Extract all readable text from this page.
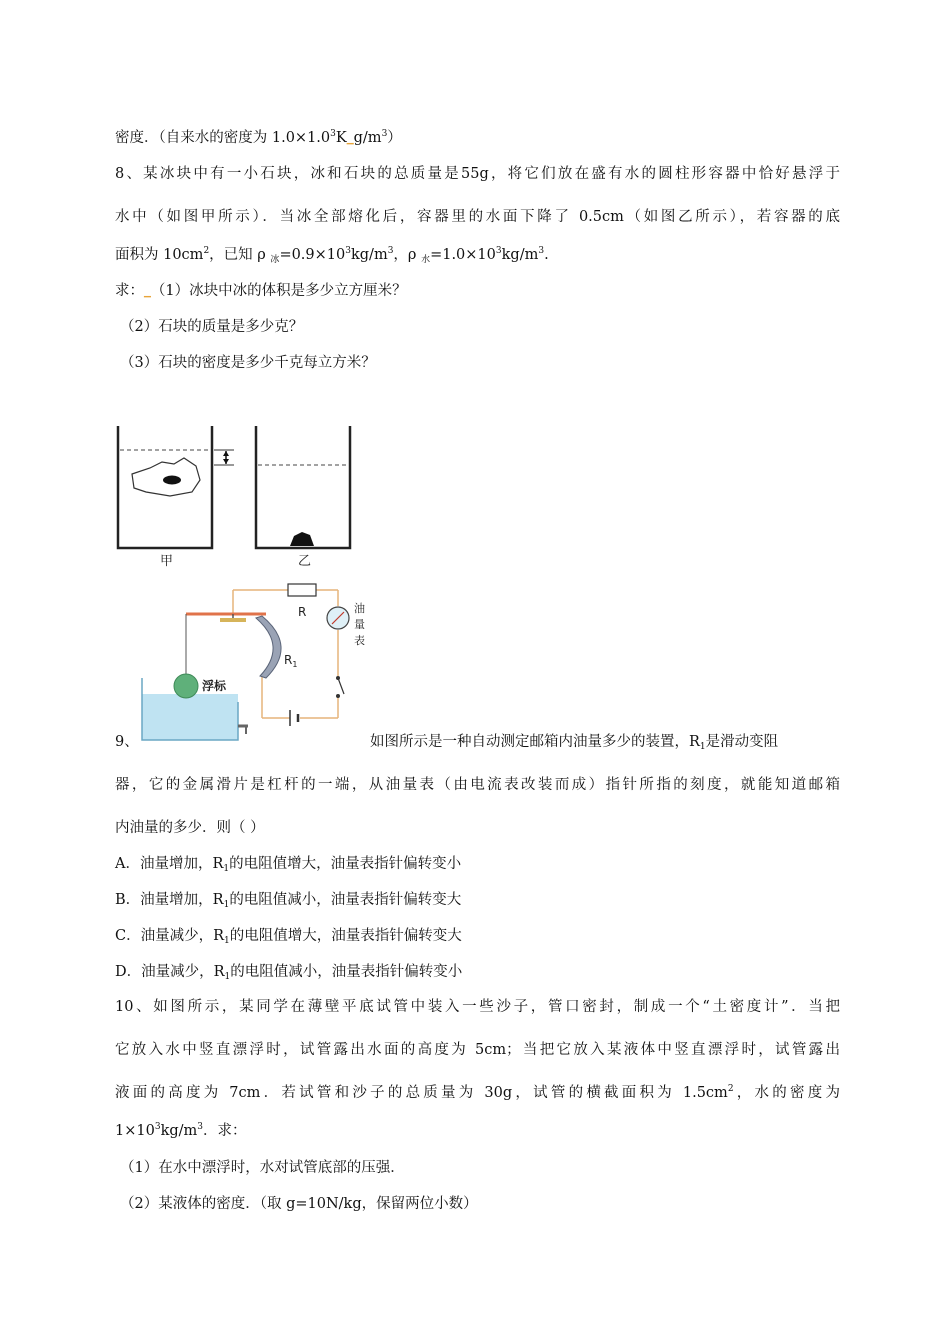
密度．（自来水的密度为 $1.0\times 1.0^3K▁g/m^3$）
8、某冰块中有一小石块，冰和石块的总质量是55g，将它们放在盛有水的圆柱形容器中恰好悬浮于
水中（如图甲所示）．当冰全部熔化后，容器里的水面下降了 0.5cm（如图乙所示），若容器的底
面积为 $10cm^2$，已知 ρ $_冰=0.9\times 10^3kg/m^3$，ρ $_水=1.0\times 10^3kg/m^3$.
求：▁（1）冰块中冰的体积是多少立方厘米？
（2）石块的质量是多少克？
（3）石块的密度是多少千克每立方米？
甲	乙
R	油
量
表
$R_1$
浮标
9、	如图所示是一种自动测定邮箱内油量多少的装置，$R_1$是滑动变阻
器，它的金属滑片是杠杆的一端，从油量表（由电流表改装而成）指针所指的刻度，就能知道邮箱
内油量的多少．则（ ）
A．油量增加，$R_1$的电阻值增大，油量表指针偏转变小
B．油量增加，$R_1$的电阻值减小，油量表指针偏转变大
C．油量减少，$R_1$的电阻值增大，油量表指针偏转变大
D．油量减少，$R_1$的电阻值减小，油量表指针偏转变小
10、如图所示，某同学在薄壁平底试管中装入一些沙子，管口密封，制成一个“土密度计”．当把
它放入水中竖直漂浮时，试管露出水面的高度为 5cm；当把它放入某液体中竖直漂浮时，试管露出
液面的高度为 7cm．若试管和沙子的总质量为 30g，试管的横截面积为 $1.5cm^2$，水的密度为
$1\times 10^3kg/m^3$．求：
（1）在水中漂浮时，水对试管底部的压强．
（2）某液体的密度．（取 g=10N/kg，保留两位小数）
